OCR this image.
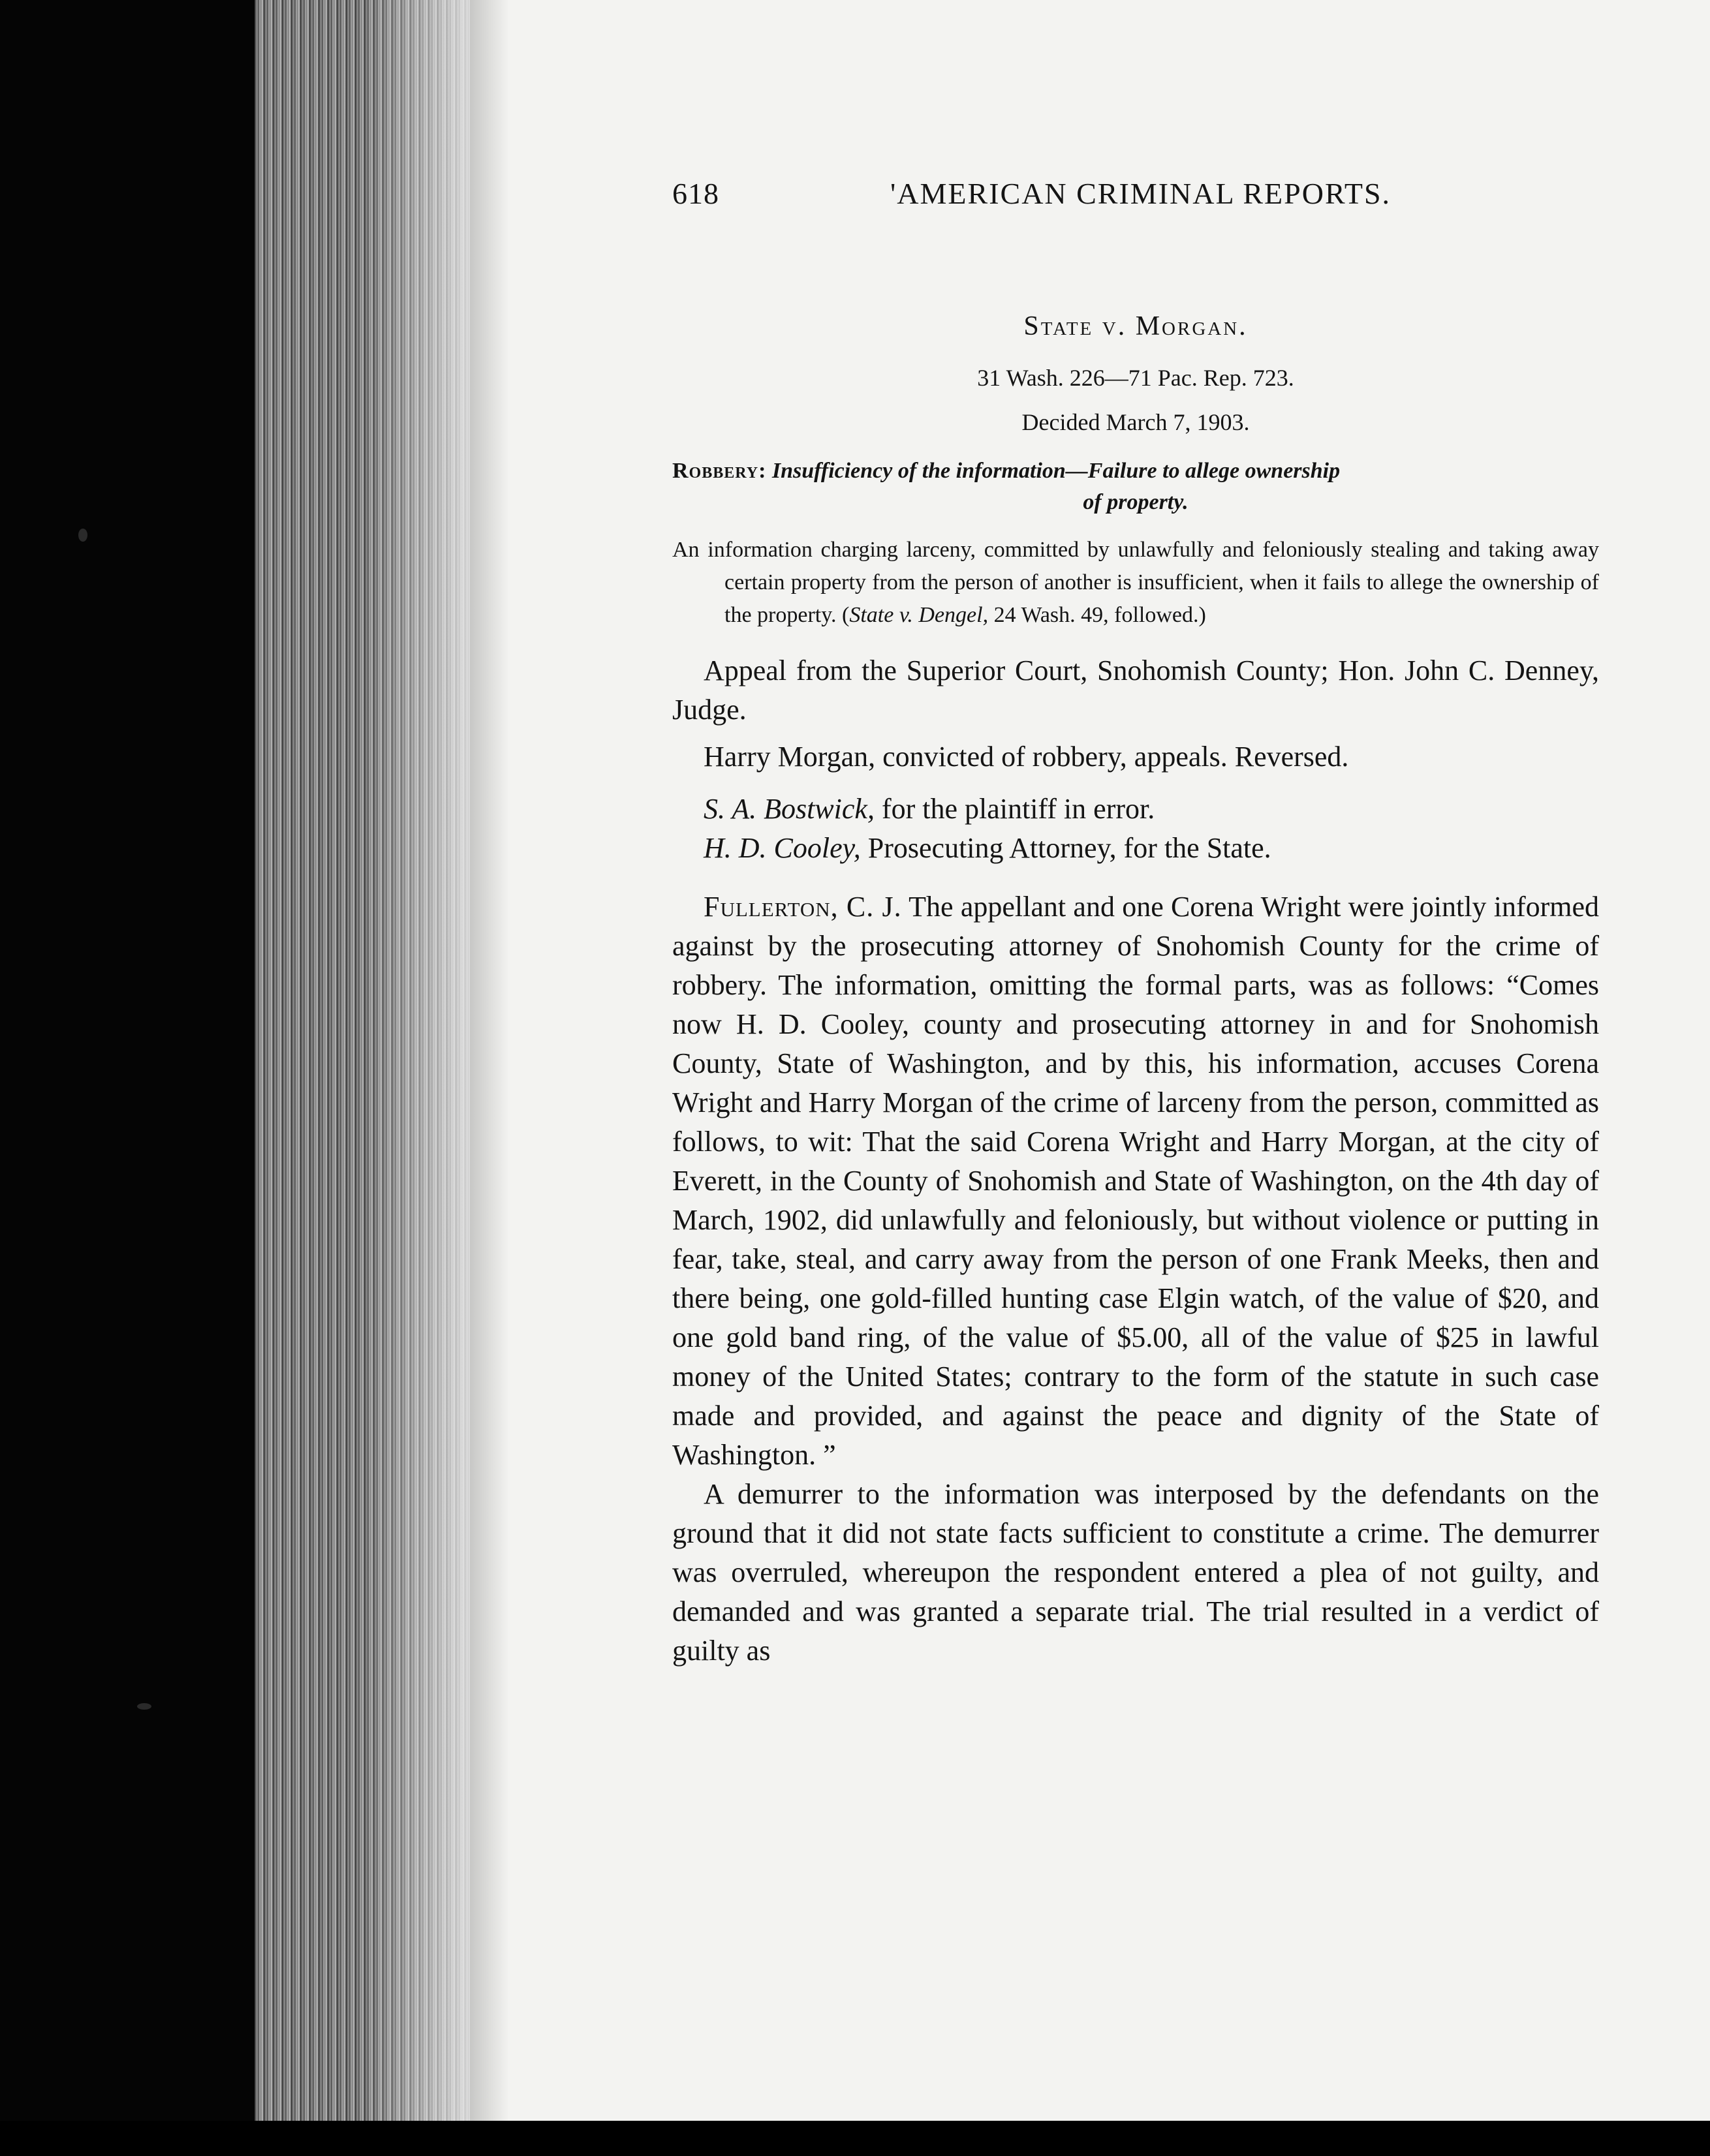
618	'AMERICAN CRIMINAL REPORTS.
State v. Morgan.
31 Wash. 226—71 Pac. Rep. 723.
Decided March 7, 1903.
Robbery: Insufficiency of the information—Failure to allege ownership
of property.
An information charging larceny, committed by unlawfully and feloniously stealing and taking away certain property from the person of another is insufficient, when it fails to allege the ownership of the property. (State v. Dengel, 24 Wash. 49, followed.)

Appeal from the Superior Court, Snohomish County; Hon. John C. Denney, Judge.

Harry Morgan, convicted of robbery, appeals. Reversed.

S. A. Bostwick, for the plaintiff in error.

H. D. Cooley, Prosecuting Attorney, for the State.

Fullerton, C. J. The appellant and one Corena Wright were jointly informed against by the prosecuting attorney of Snohomish County for the crime of robbery. The information, omitting the formal parts, was as follows: “Comes now H. D. Cooley, county and prosecuting attorney in and for Snohomish County, State of Washington, and by this, his information, accuses Corena Wright and Harry Morgan of the crime of larceny from the person, committed as follows, to wit: That the said Corena Wright and Harry Morgan, at the city of Everett, in the County of Snohomish and State of Washington, on the 4th day of March, 1902, did unlawfully and feloniously, but without violence or putting in fear, take, steal, and carry away from the person of one Frank Meeks, then and there being, one gold-filled hunting case Elgin watch, of the value of $20, and one gold band ring, of the value of $5.00, all of the value of $25 in lawful money of the United States; contrary to the form of the statute in such case made and provided, and against the peace and dignity of the State of Washington. ”

A demurrer to the information was interposed by the defendants on the ground that it did not state facts sufficient to constitute a crime. The demurrer was overruled, whereupon the respondent entered a plea of not guilty, and demanded and was granted a separate trial. The trial resulted in a verdict of guilty as
